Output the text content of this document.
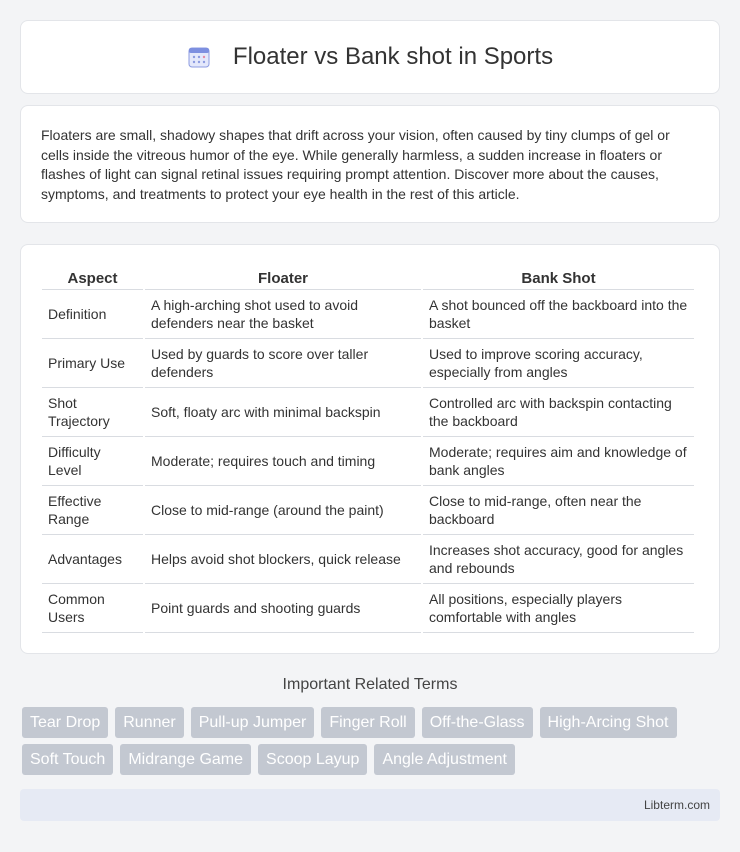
Floater vs Bank shot in Sports

Floaters are small, shadowy shapes that drift across your vision, often caused by tiny clumps of gel or cells inside the vitreous humor of the eye. While generally harmless, a sudden increase in floaters or flashes of light can signal retinal issues requiring prompt attention. Discover more about the causes, symptoms, and treatments to protect your eye health in the rest of this article.

Aspect	Floater	Bank Shot
Definition	A high-arching shot used to avoid defenders near the basket	A shot bounced off the backboard into the basket
Primary Use	Used by guards to score over taller defenders	Used to improve scoring accuracy, especially from angles
Shot Trajectory	Soft, floaty arc with minimal backspin	Controlled arc with backspin contacting the backboard
Difficulty Level	Moderate; requires touch and timing	Moderate; requires aim and knowledge of bank angles
Effective Range	Close to mid-range (around the paint)	Close to mid-range, often near the backboard
Advantages	Helps avoid shot blockers, quick release	Increases shot accuracy, good for angles and rebounds
Common Users	Point guards and shooting guards	All positions, especially players comfortable with angles
Important Related Terms
Tear Drop	Runner	Pull-up Jumper	Finger Roll	Off-the-Glass	High-Arcing Shot
Soft Touch	Midrange Game	Scoop Layup	Angle Adjustment
Libterm.com
